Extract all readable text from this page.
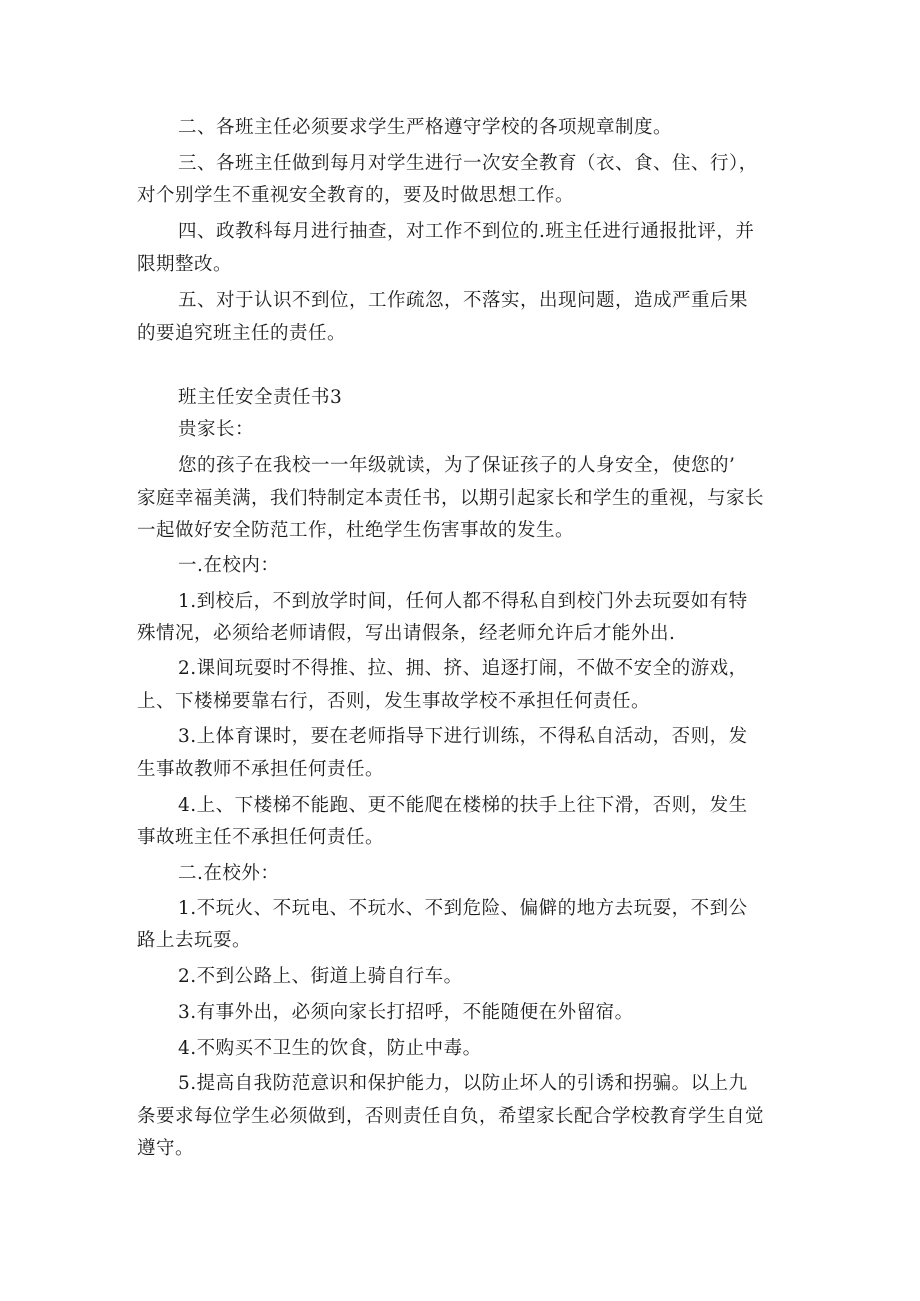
二、各班主任必须要求学生严格遵守学校的各项规章制度。
三、各班主任做到每月对学生进行一次安全教育（衣、食、住、行），
对个别学生不重视安全教育的，要及时做思想工作。
四、政教科每月进行抽查，对工作不到位的.班主任进行通报批评，并
限期整改。
五、对于认识不到位，工作疏忽，不落实，出现问题，造成严重后果
的要追究班主任的责任。
班主任安全责任书3
贵家长：
您的孩子在我校一一年级就读，为了保证孩子的人身安全，使您的’
家庭幸福美满，我们特制定本责任书，以期引起家长和学生的重视，与家长
一起做好安全防范工作，杜绝学生伤害事故的发生。
一.在校内：
1.到校后，不到放学时间，任何人都不得私自到校门外去玩耍如有特
殊情况，必须给老师请假，写出请假条，经老师允许后才能外出.
2.课间玩耍时不得推、拉、拥、挤、追逐打闹，不做不安全的游戏，
上、下楼梯要靠右行，否则，发生事故学校不承担任何责任。
3.上体育课时，要在老师指导下进行训练，不得私自活动，否则，发
生事故教师不承担任何责任。
4.上、下楼梯不能跑、更不能爬在楼梯的扶手上往下滑，否则，发生
事故班主任不承担任何责任。
二.在校外：
1.不玩火、不玩电、不玩水、不到危险、偏僻的地方去玩耍，不到公
路上去玩耍。
2.不到公路上、街道上骑自行车。
3.有事外出，必须向家长打招呼，不能随便在外留宿。
4.不购买不卫生的饮食，防止中毒。
5.提高自我防范意识和保护能力，以防止坏人的引诱和拐骗。以上九
条要求每位学生必须做到，否则责任自负，希望家长配合学校教育学生自觉
遵守。
